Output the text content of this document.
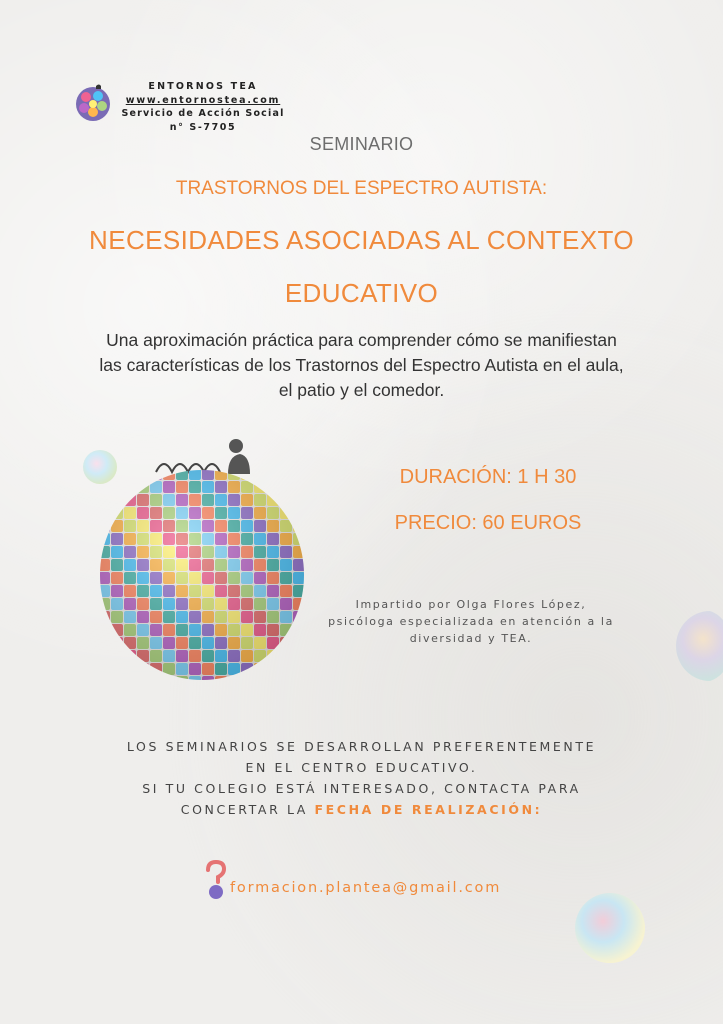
ENTORNOS TEA
www.entornostea.com
Servicio de Acción Social
n° S-7705
SEMINARIO
TRASTORNOS DEL ESPECTRO AUTISTA:
NECESIDADES ASOCIADAS AL CONTEXTO
EDUCATIVO
Una aproximación práctica para comprender cómo se manifiestan
las características de los Trastornos del Espectro Autista en el aula,
el patio y el comedor.
DURACIÓN: 1 H 30
PRECIO: 60 EUROS
Impartido por Olga Flores López,
psicóloga especializada en atención a la
diversidad y TEA.
LOS SEMINARIOS SE DESARROLLAN PREFERENTEMENTE
EN EL CENTRO EDUCATIVO.
SI TU COLEGIO ESTÁ INTERESADO, CONTACTA PARA
CONCERTAR LA FECHA DE REALIZACIÓN:
formacion.plantea@gmail.com
